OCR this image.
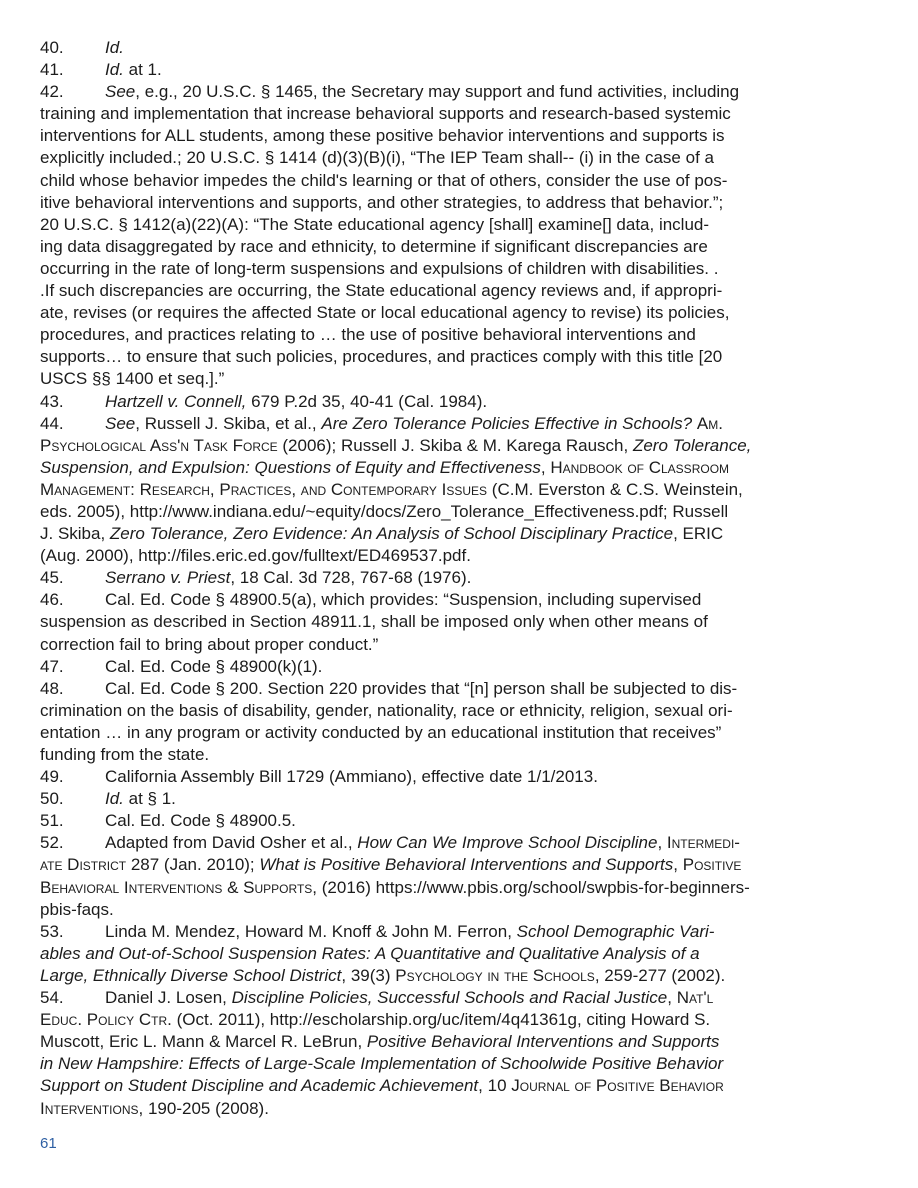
40. Id.
41. Id. at 1.
42. See, e.g., 20 U.S.C. § 1465, the Secretary may support and fund activities, including
training and implementation that increase behavioral supports and research-based systemic
interventions for ALL students, among these positive behavior interventions and supports is
explicitly included.; 20 U.S.C. § 1414 (d)(3)(B)(i), “The IEP Team shall-- (i) in the case of a
child whose behavior impedes the child's learning or that of others, consider the use of pos-
itive behavioral interventions and supports, and other strategies, to address that behavior.”;
20 U.S.C. § 1412(a)(22)(A): “The State educational agency [shall] examine[] data, includ-
ing data disaggregated by race and ethnicity, to determine if significant discrepancies are
occurring in the rate of long-term suspensions and expulsions of children with disabilities. .
.If such discrepancies are occurring, the State educational agency reviews and, if appropri-
ate, revises (or requires the affected State or local educational agency to revise) its policies,
procedures, and practices relating to … the use of positive behavioral interventions and
supports… to ensure that such policies, procedures, and practices comply with this title [20
USCS §§ 1400 et seq.].”
43. Hartzell v. Connell, 679 P.2d 35, 40-41 (Cal. 1984).
44. See, Russell J. Skiba, et al., Are Zero Tolerance Policies Effective in Schools? Am.
Psychological Ass'n Task Force (2006); Russell J. Skiba & M. Karega Rausch, Zero Tolerance,
Suspension, and Expulsion: Questions of Equity and Effectiveness, Handbook of Classroom
Management: Research, Practices, and Contemporary Issues (C.M. Everston & C.S. Weinstein,
eds. 2005), http://www.indiana.edu/~equity/docs/Zero_Tolerance_Effectiveness.pdf; Russell
J. Skiba, Zero Tolerance, Zero Evidence: An Analysis of School Disciplinary Practice, ERIC
(Aug. 2000), http://files.eric.ed.gov/fulltext/ED469537.pdf.
45. Serrano v. Priest, 18 Cal. 3d 728, 767-68 (1976).
46. Cal. Ed. Code § 48900.5(a), which provides: “Suspension, including supervised
suspension as described in Section 48911.1, shall be imposed only when other means of
correction fail to bring about proper conduct.”
47. Cal. Ed. Code § 48900(k)(1).
48. Cal. Ed. Code § 200. Section 220 provides that “[n] person shall be subjected to dis-
crimination on the basis of disability, gender, nationality, race or ethnicity, religion, sexual ori-
entation … in any program or activity conducted by an educational institution that receives”
funding from the state.
49. California Assembly Bill 1729 (Ammiano), effective date 1/1/2013.
50. Id. at § 1.
51. Cal. Ed. Code § 48900.5.
52. Adapted from David Osher et al., How Can We Improve School Discipline, Intermedi-
ate District 287 (Jan. 2010); What is Positive Behavioral Interventions and Supports, Positive
Behavioral Interventions & Supports, (2016) https://www.pbis.org/school/swpbis-for-beginners-
pbis-faqs.
53. Linda M. Mendez, Howard M. Knoff & John M. Ferron, School Demographic Vari-
ables and Out-of-School Suspension Rates: A Quantitative and Qualitative Analysis of a
Large, Ethnically Diverse School District, 39(3) Psychology in the Schools, 259-277 (2002).
54. Daniel J. Losen, Discipline Policies, Successful Schools and Racial Justice, Nat'l
Educ. Policy Ctr. (Oct. 2011), http://escholarship.org/uc/item/4q41361g, citing Howard S.
Muscott, Eric L. Mann & Marcel R. LeBrun, Positive Behavioral Interventions and Supports
in New Hampshire: Effects of Large-Scale Implementation of Schoolwide Positive Behavior
Support on Student Discipline and Academic Achievement, 10 Journal of Positive Behavior
Interventions, 190-205 (2008).
61
